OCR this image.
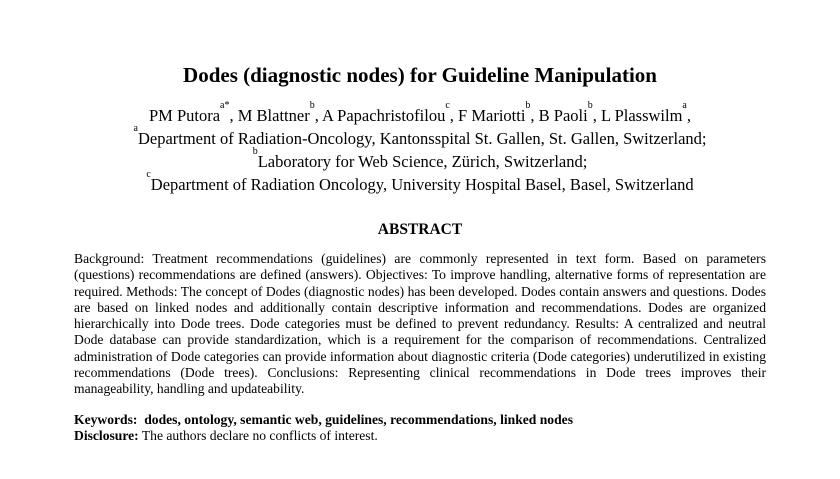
Dodes (diagnostic nodes) for Guideline Manipulation
PM Putora$^{a*}$, M Blattner$^b$, A Papachristofilou$^c$, F Mariotti$^b$, B Paoli$^b$, L Plasswilm$^a$,
$^a$Department of Radiation-Oncology, Kantonsspital St. Gallen, St. Gallen, Switzerland;
$^b$Laboratory for Web Science, Zürich, Switzerland;
$^c$Department of Radiation Oncology, University Hospital Basel, Basel, Switzerland
ABSTRACT

Background: Treatment recommendations (guidelines) are commonly represented in text form. Based on parameters (questions) recommendations are defined (answers). Objectives: To improve handling, alternative forms of representation are required. Methods: The concept of Dodes (diagnostic nodes) has been developed. Dodes contain answers and questions. Dodes are based on linked nodes and additionally contain descriptive information and recommendations. Dodes are organized hierarchically into Dode trees. Dode categories must be defined to prevent redundancy. Results: A centralized and neutral Dode database can provide standardization, which is a requirement for the comparison of recommendations. Centralized administration of Dode categories can provide information about diagnostic criteria (Dode categories) underutilized in existing recommendations (Dode trees). Conclusions: Representing clinical recommendations in Dode trees improves their manageability, handling and updateability.

Keywords: dodes, ontology, semantic web, guidelines, recommendations, linked nodes
Disclosure: The authors declare no conflicts of interest.
